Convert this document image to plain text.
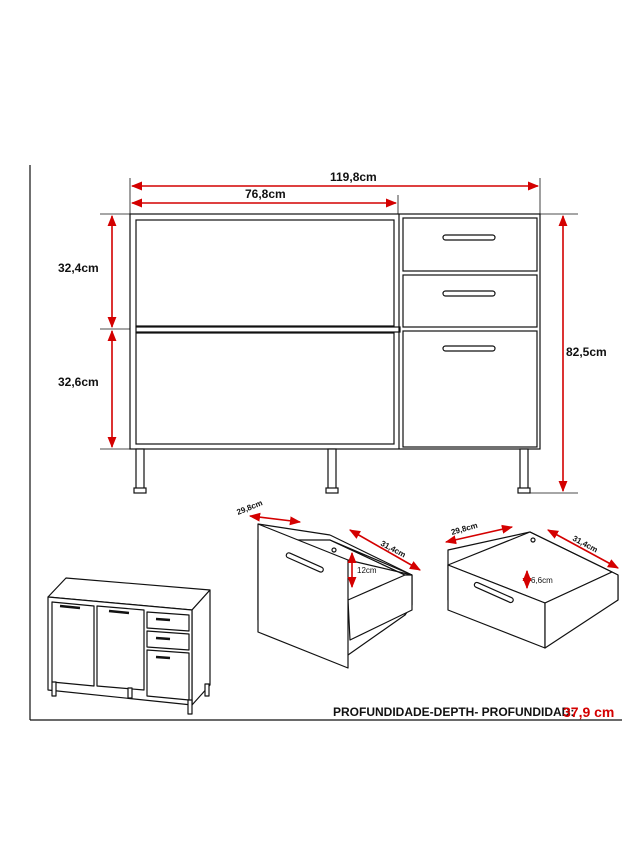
119,8cm
76,8cm
32,4cm
32,6cm
82,5cm
29,8cm
31,4cm
12cm
29,8cm
31,4cm
6,6cm
PROFUNDIDADE-DEPTH- PROFUNDIDAD:
37,9 cm
